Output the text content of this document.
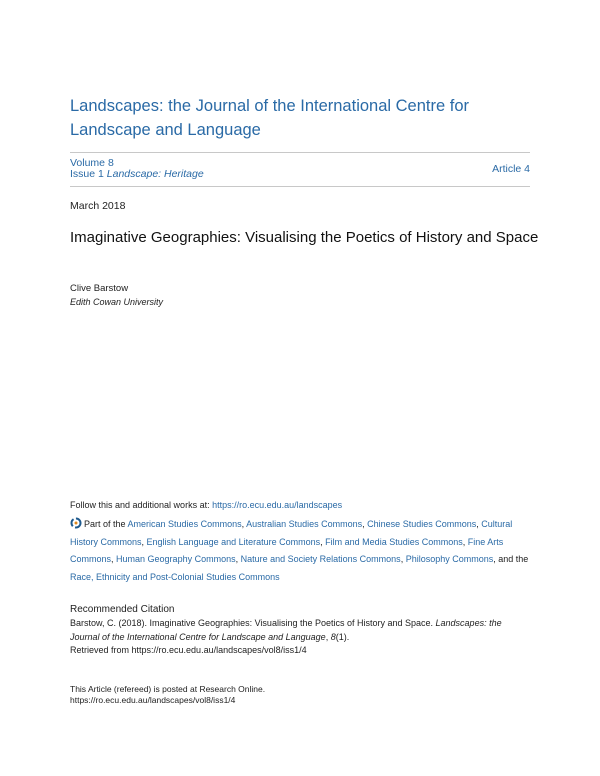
Landscapes: the Journal of the International Centre for Landscape and Language
Volume 8
Issue 1 Landscape: Heritage	Article 4
March 2018
Imaginative Geographies: Visualising the Poetics of History and Space
Clive Barstow
Edith Cowan University
Follow this and additional works at: https://ro.ecu.edu.au/landscapes
Part of the American Studies Commons, Australian Studies Commons, Chinese Studies Commons, Cultural History Commons, English Language and Literature Commons, Film and Media Studies Commons, Fine Arts Commons, Human Geography Commons, Nature and Society Relations Commons, Philosophy Commons, and the Race, Ethnicity and Post-Colonial Studies Commons
Recommended Citation
Barstow, C. (2018). Imaginative Geographies: Visualising the Poetics of History and Space. Landscapes: the Journal of the International Centre for Landscape and Language, 8(1).
Retrieved from https://ro.ecu.edu.au/landscapes/vol8/iss1/4
This Article (refereed) is posted at Research Online.
https://ro.ecu.edu.au/landscapes/vol8/iss1/4
